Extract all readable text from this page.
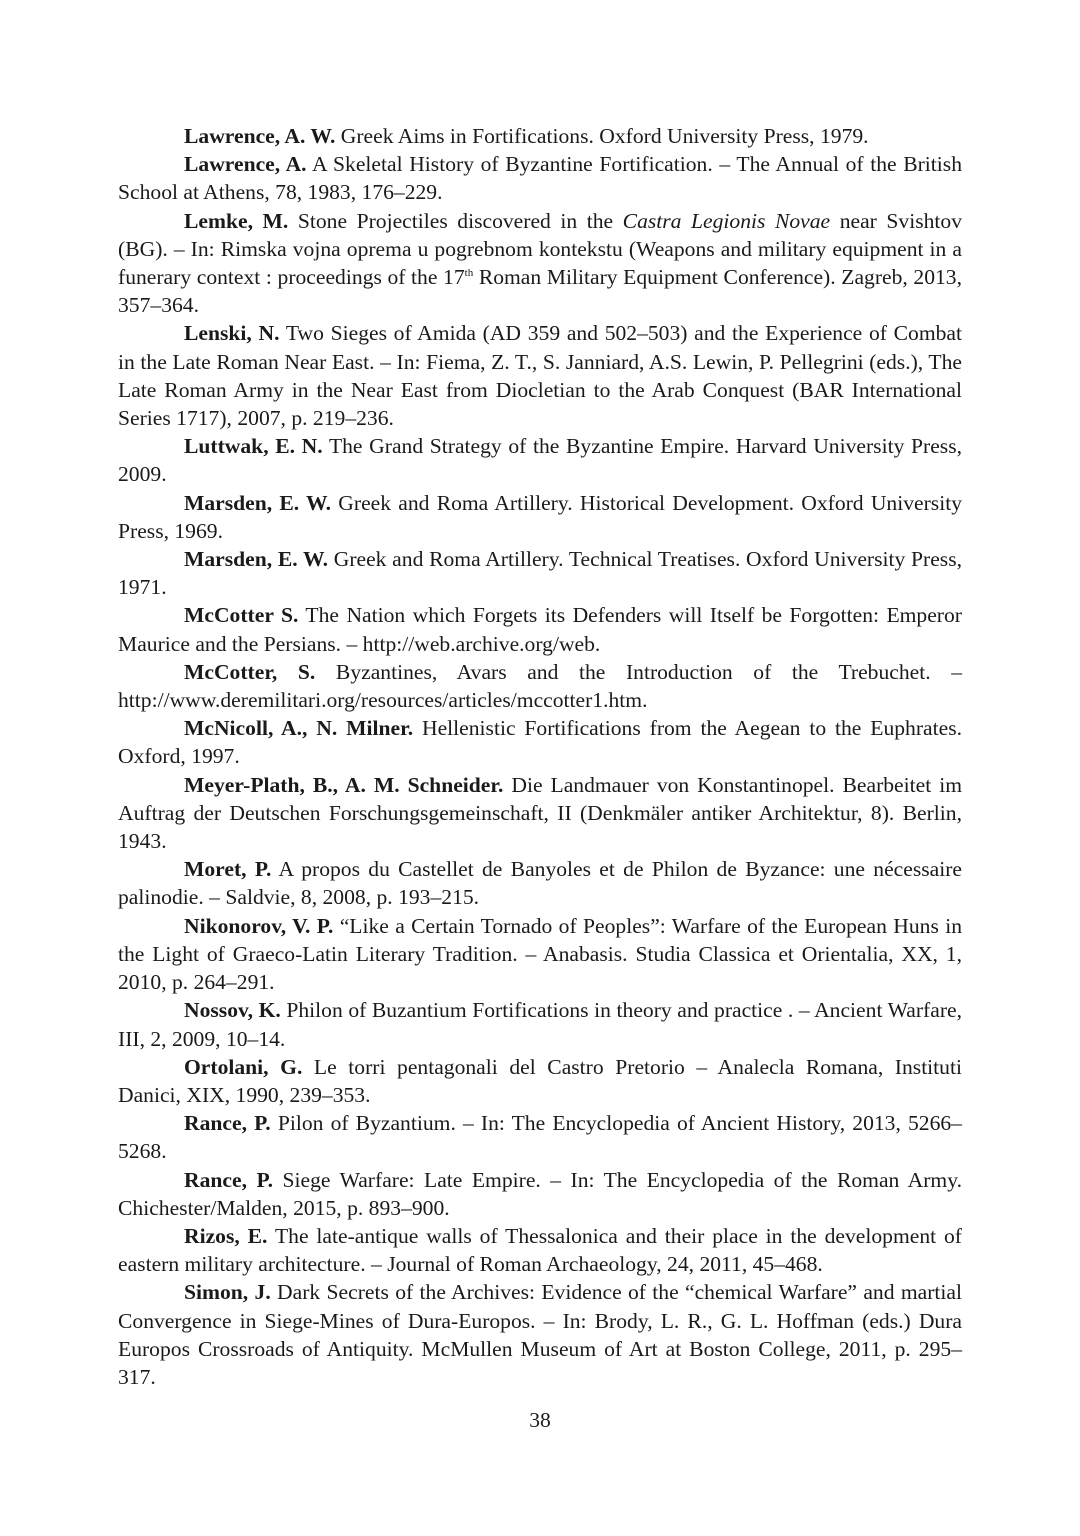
Lawrence, A. W. Greek Aims in Fortifications. Oxford University Press, 1979.

Lawrence, A. A Skeletal History of Byzantine Fortification. – The Annual of the British School at Athens, 78, 1983, 176–229.

Lemke, M. Stone Projectiles discovered in the Castra Legionis Novae near Svishtov (BG). – In: Rimska vojna oprema u pogrebnom kontekstu (Weapons and military equipment in a funerary context : proceedings of the 17th Roman Military Equipment Conference). Zagreb, 2013, 357–364.

Lenski, N. Two Sieges of Amida (AD 359 and 502–503) and the Experience of Combat in the Late Roman Near East. – In: Fiema, Z. T., S. Janniard, A.S. Lewin, P. Pellegrini (eds.), The Late Roman Army in the Near East from Diocletian to the Arab Conquest (BAR International Series 1717), 2007, p. 219–236.

Luttwak, E. N. The Grand Strategy of the Byzantine Empire. Harvard University Press, 2009.

Marsden, E. W. Greek and Roma Artillery. Historical Development. Oxford University Press, 1969.

Marsden, E. W. Greek and Roma Artillery. Technical Treatises. Oxford University Press, 1971.

McCotter S. The Nation which Forgets its Defenders will Itself be Forgotten: Emperor Maurice and the Persians. – http://web.archive.org/web.

McCotter, S. Byzantines, Avars and the Introduction of the Trebuchet. – http://www.deremilitari.org/resources/articles/mccotter1.htm.

McNicoll, A., N. Milner. Hellenistic Fortifications from the Aegean to the Euphrates. Oxford, 1997.

Meyer-Plath, B., A. M. Schneider. Die Landmauer von Konstantinopel. Bearbeitet im Auftrag der Deutschen Forschungsgemeinschaft, II (Denkmäler antiker Architektur, 8). Berlin, 1943.

Moret, P. A propos du Castellet de Banyoles et de Philon de Byzance: une nécessaire palinodie. – Saldvie, 8, 2008, p. 193–215.

Nikonorov, V. P. “Like a Certain Tornado of Peoples”: Warfare of the European Huns in the Light of Graeco-Latin Literary Tradition. – Anabasis. Studia Classica et Orientalia, XX, 1, 2010, p. 264–291.

Nossov, K. Philon of Buzantium Fortifications in theory and practice . – Ancient Warfare, III, 2, 2009, 10–14.

Ortolani, G. Le torri pentagonali del Castro Pretorio – Analecla Romana, Instituti Danici, XIX, 1990, 239–353.

Rance, P. Pilon of Byzantium. – In: The Encyclopedia of Ancient History, 2013, 5266–5268.

Rance, P. Siege Warfare: Late Empire. – In: The Encyclopedia of the Roman Army. Chichester/Malden, 2015, p. 893–900.

Rizos, E. The late-antique walls of Thessalonica and their place in the development of eastern military architecture. – Journal of Roman Archaeology, 24, 2011, 45–468.

Simon, J. Dark Secrets of the Archives: Evidence of the “chemical Warfare” and martial Convergence in Siege-Mines of Dura-Europos. – In: Brody, L. R., G. L. Hoffman (eds.) Dura Europos Crossroads of Antiquity. McMullen Museum of Art at Boston College, 2011, p. 295–317.

38
